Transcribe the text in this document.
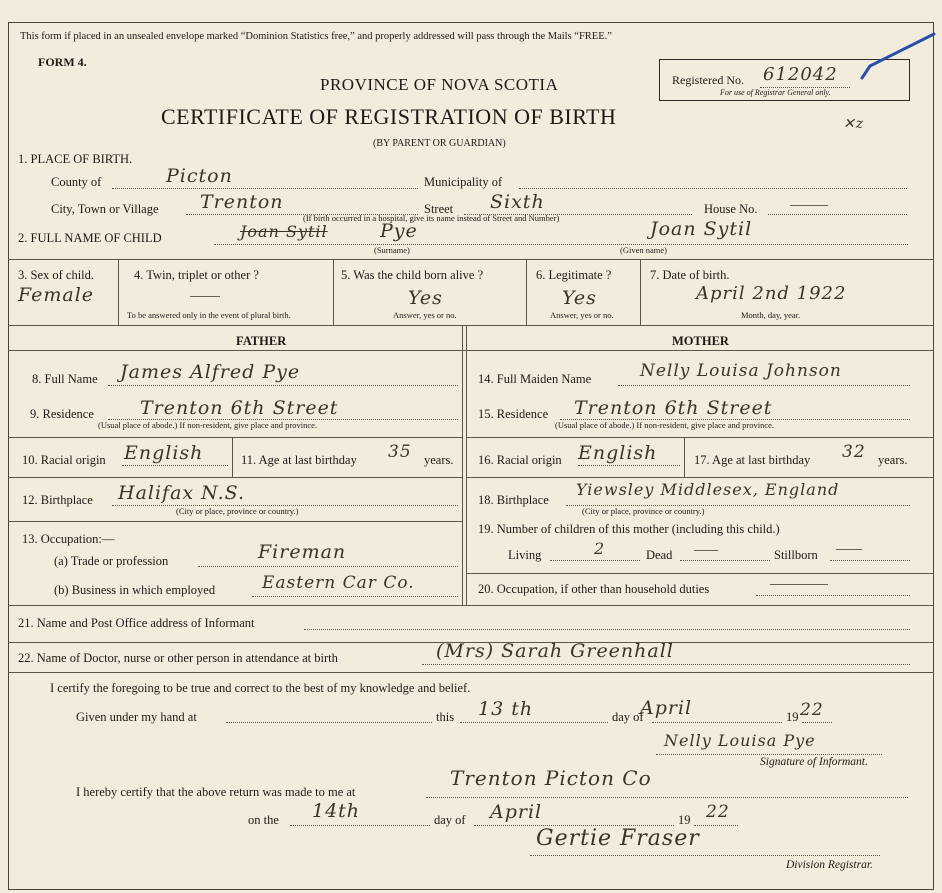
This form if placed in an unsealed envelope marked “Dominion Statistics free,” and properly addressed will pass through the Mails “FREE.”
FORM 4.
PROVINCE OF NOVA SCOTIA
CERTIFICATE OF REGISTRATION OF BIRTH
(BY PARENT OR GUARDIAN)
Registered No. 612042
For use of Registrar General only.
✕z
1. PLACE OF BIRTH.
County of	Picton	Municipality of
City, Town or Village Trenton	Street Sixth	House No.
(If birth occurred in a hospital, give its name instead of Street and Number)
2. FULL NAME OF CHILD	Joan Sytil	Pye
(Surname)
Joan Sytil
(Given name)
3. Sex of child.
Female
4. Twin, triplet or other ?
To be answered only in the event of plural birth.
5. Was the child born alive ?
Yes
Answer, yes or no.
6. Legitimate ?
Yes
Answer, yes or no.
7. Date of birth.
April 2nd 1922
Month, day, year.
FATHER	MOTHER
8. Full Name James Alfred Pye
9. Residence Trenton 6th Street
(Usual place of abode.) If non-resident, give place and province.
10. Racial origin English	11. Age at last birthday 35 years.
12. Birthplace Halifax N.S.
(City or place, province or country.)
13. Occupation:—
(a) Trade or profession	Fireman
(b) Business in which employed	Eastern Car Co.
14. Full Maiden Name	Nelly Louisa Johnson
15. Residence Trenton 6th Street
(Usual place of abode.) If non-resident, give place and province.
16. Racial origin English	17. Age at last birthday 32 years.
18. Birthplace
Yiewsley Middlesex, England
(City or place, province or country.)
19. Number of children of this mother (including this child.)
Living	2	Dead	Stillborn
20. Occupation, if other than household duties
21. Name and Post Office address of Informant
22. Name of Doctor, nurse or other person in attendance at birth	(Mrs) Sarah Greenhall
I certify the foregoing to be true and correct to the best of my knowledge and belief.
Given under my hand at	this 13 th	day of
April	19 22
Nelly Louisa Pye
Signature of Informant.
I hereby certify that the above return was made to me at
Trenton Picton Co
on the 14th	day of April	19 22
Gertie Fraser
Division Registrar.
